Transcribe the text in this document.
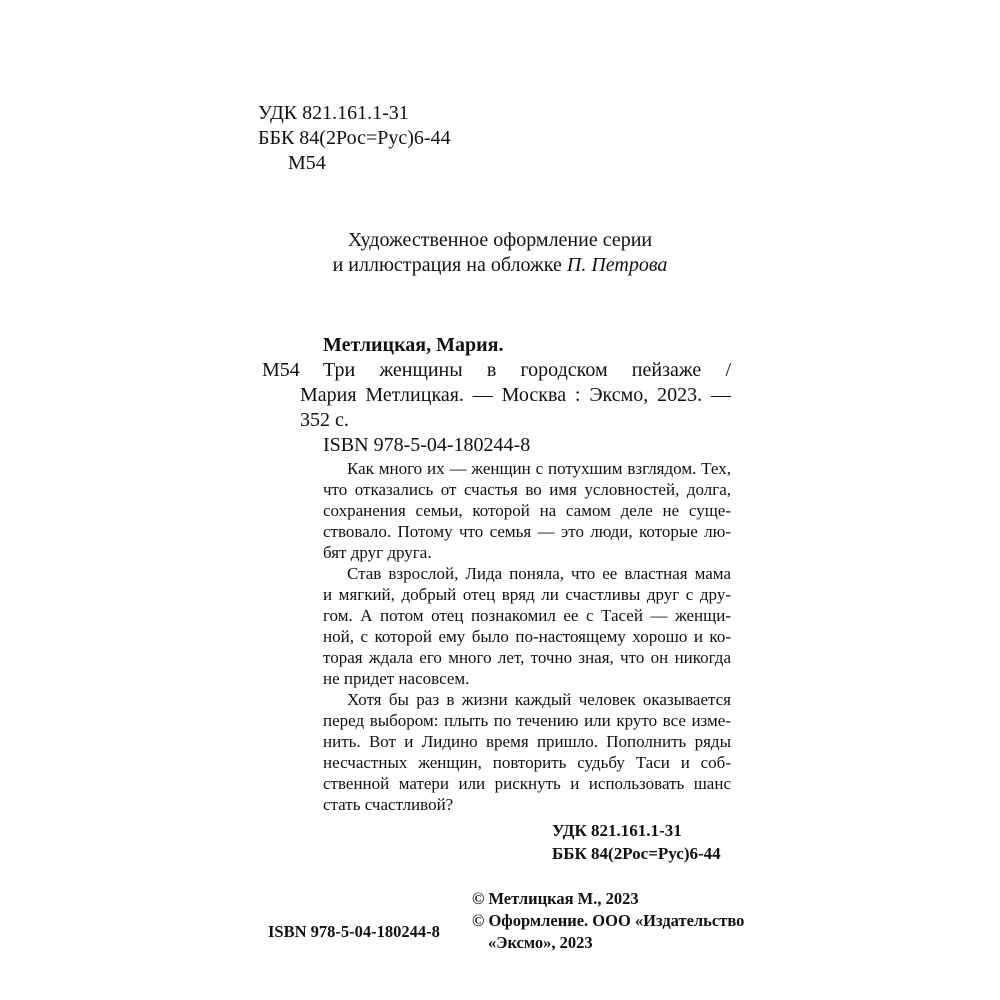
УДК 821.161.1-31
ББК 84(2Рос=Рус)6-44
М54
Художественное оформление серии
и иллюстрация на обложке П. Петрова
Метлицкая, Мария.
М54 Три женщины в городском пейзаже /
Мария Метлицкая. — Москва : Эксмо, 2023. —
352 с.
ISBN 978-5-04-180244-8
Как много их — женщин с потухшим взглядом. Тех,
что отказались от счастья во имя условностей, долга,
сохранения семьи, которой на самом деле не суще-
ствовало. Потому что семья — это люди, которые лю-
бят друг друга.
Став взрослой, Лида поняла, что ее властная мама
и мягкий, добрый отец вряд ли счастливы друг с дру-
гом. А потом отец познакомил ее с Тасей — женщи-
ной, с которой ему было по-настоящему хорошо и ко-
торая ждала его много лет, точно зная, что он никогда
не придет насовсем.
Хотя бы раз в жизни каждый человек оказывается
перед выбором: плыть по течению или круто все изме-
нить. Вот и Лидино время пришло. Пополнить ряды
несчастных женщин, повторить судьбу Таси и соб-
ственной матери или рискнуть и использовать шанс
стать счастливой?
УДК 821.161.1-31
ББК 84(2Рос=Рус)6-44
© Метлицкая М., 2023
© Оформление. ООО «Издательство
ISBN 978-5-04-180244-8
«Эксмо», 2023
